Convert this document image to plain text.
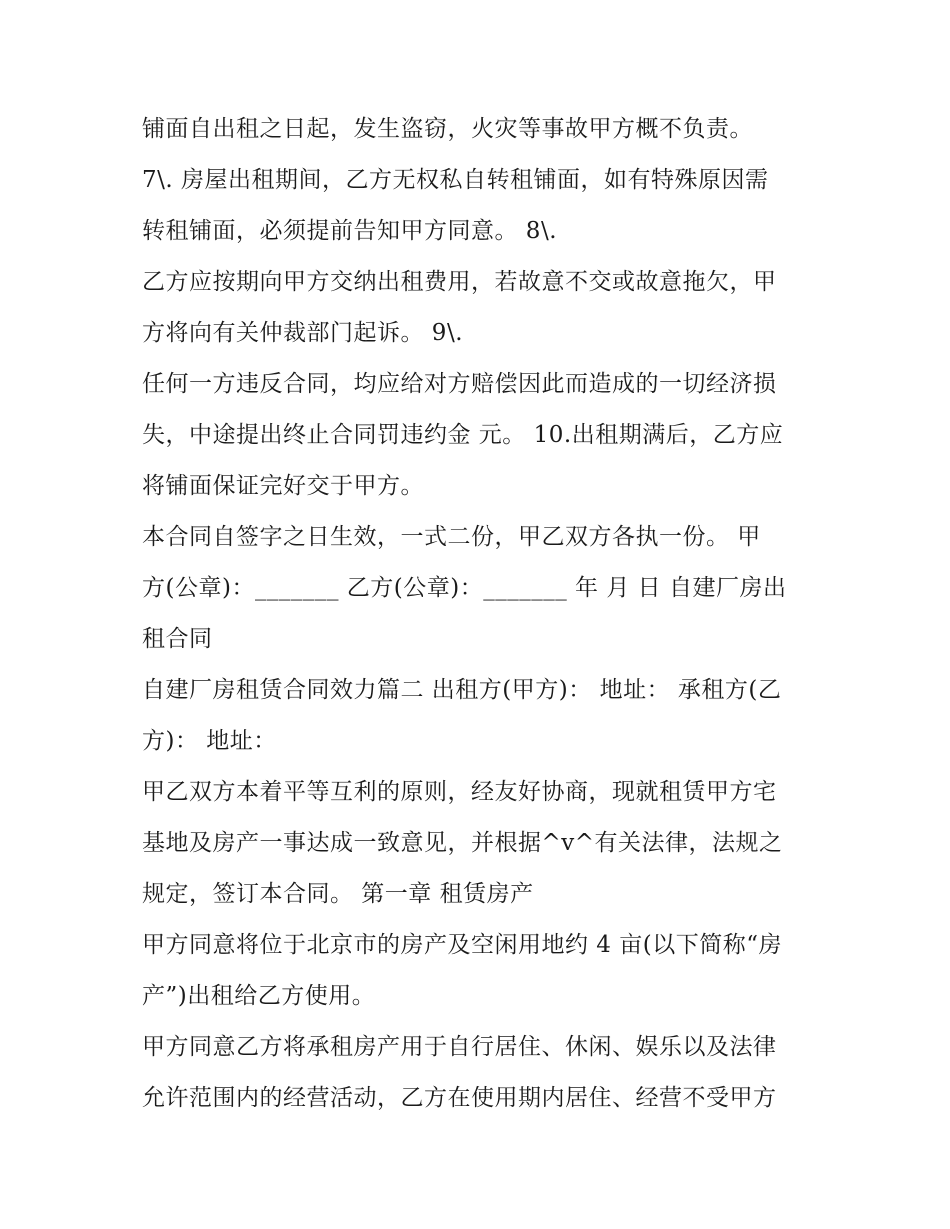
铺面自出租之日起，发生盗窃，火灾等事故甲方概不负责。
7\. 房屋出租期间，乙方无权私自转租铺面，如有特殊原因需
转租铺面，必须提前告知甲方同意。 8\.
乙方应按期向甲方交纳出租费用，若故意不交或故意拖欠，甲
方将向有关仲裁部门起诉。 9\.
任何一方违反合同，均应给对方赔偿因此而造成的一切经济损
失，中途提出终止合同罚违约金 元。 10.出租期满后，乙方应
将铺面保证完好交于甲方。
本合同自签字之日生效，一式二份，甲乙双方各执一份。 甲
方(公章)：_______ 乙方(公章)：_______ 年 月 日 自建厂房出
租合同
自建厂房租赁合同效力篇二 出租方(甲方)： 地址： 承租方(乙
方)： 地址：
甲乙双方本着平等互利的原则，经友好协商，现就租赁甲方宅
基地及房产一事达成一致意见，并根据^v^有关法律，法规之
规定，签订本合同。 第一章 租赁房产
甲方同意将位于北京市的房产及空闲用地约 4 亩(以下简称“房
产”)出租给乙方使用。
甲方同意乙方将承租房产用于自行居住、休闲、娱乐以及法律
允许范围内的经营活动，乙方在使用期内居住、经营不受甲方
